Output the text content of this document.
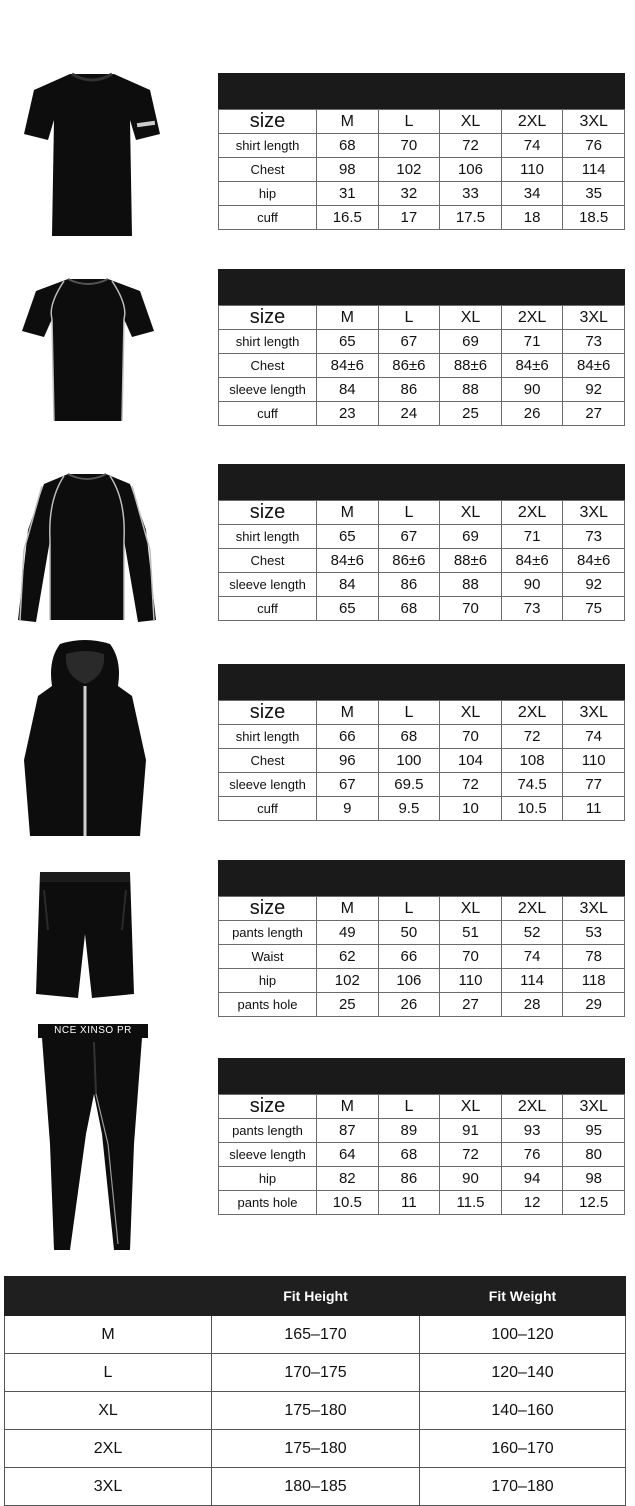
NCE XINSO PR
size	M	L	XL	2XL	3XL
shirt length	68	70	72	74	76
Chest	98	102	106	110	114
hip	31	32	33	34	35
cuff	16.5	17	17.5	18	18.5
size	M	L	XL	2XL	3XL
shirt length	65	67	69	71	73
Chest	84±6	86±6	88±6	84±6	84±6
sleeve length	84	86	88	90	92
cuff	23	24	25	26	27
size	M	L	XL	2XL	3XL
shirt length	65	67	69	71	73
Chest	84±6	86±6	88±6	84±6	84±6
sleeve length	84	86	88	90	92
cuff	65	68	70	73	75
size	M	L	XL	2XL	3XL
shirt length	66	68	70	72	74
Chest	96	100	104	108	110
sleeve length	67	69.5	72	74.5	77
cuff	9	9.5	10	10.5	11
size	M	L	XL	2XL	3XL
pants length	49	50	51	52	53
Waist	62	66	70	74	78
hip	102	106	110	114	118
pants hole	25	26	27	28	29
size	M	L	XL	2XL	3XL
pants length	87	89	91	93	95
sleeve length	64	68	72	76	80
hip	82	86	90	94	98
pants hole	10.5	11	11.5	12	12.5
	Fit Height	Fit Weight
M	165–170	100–120
L	170–175	120–140
XL	175–180	140–160
2XL	175–180	160–170
3XL	180–185	170–180
